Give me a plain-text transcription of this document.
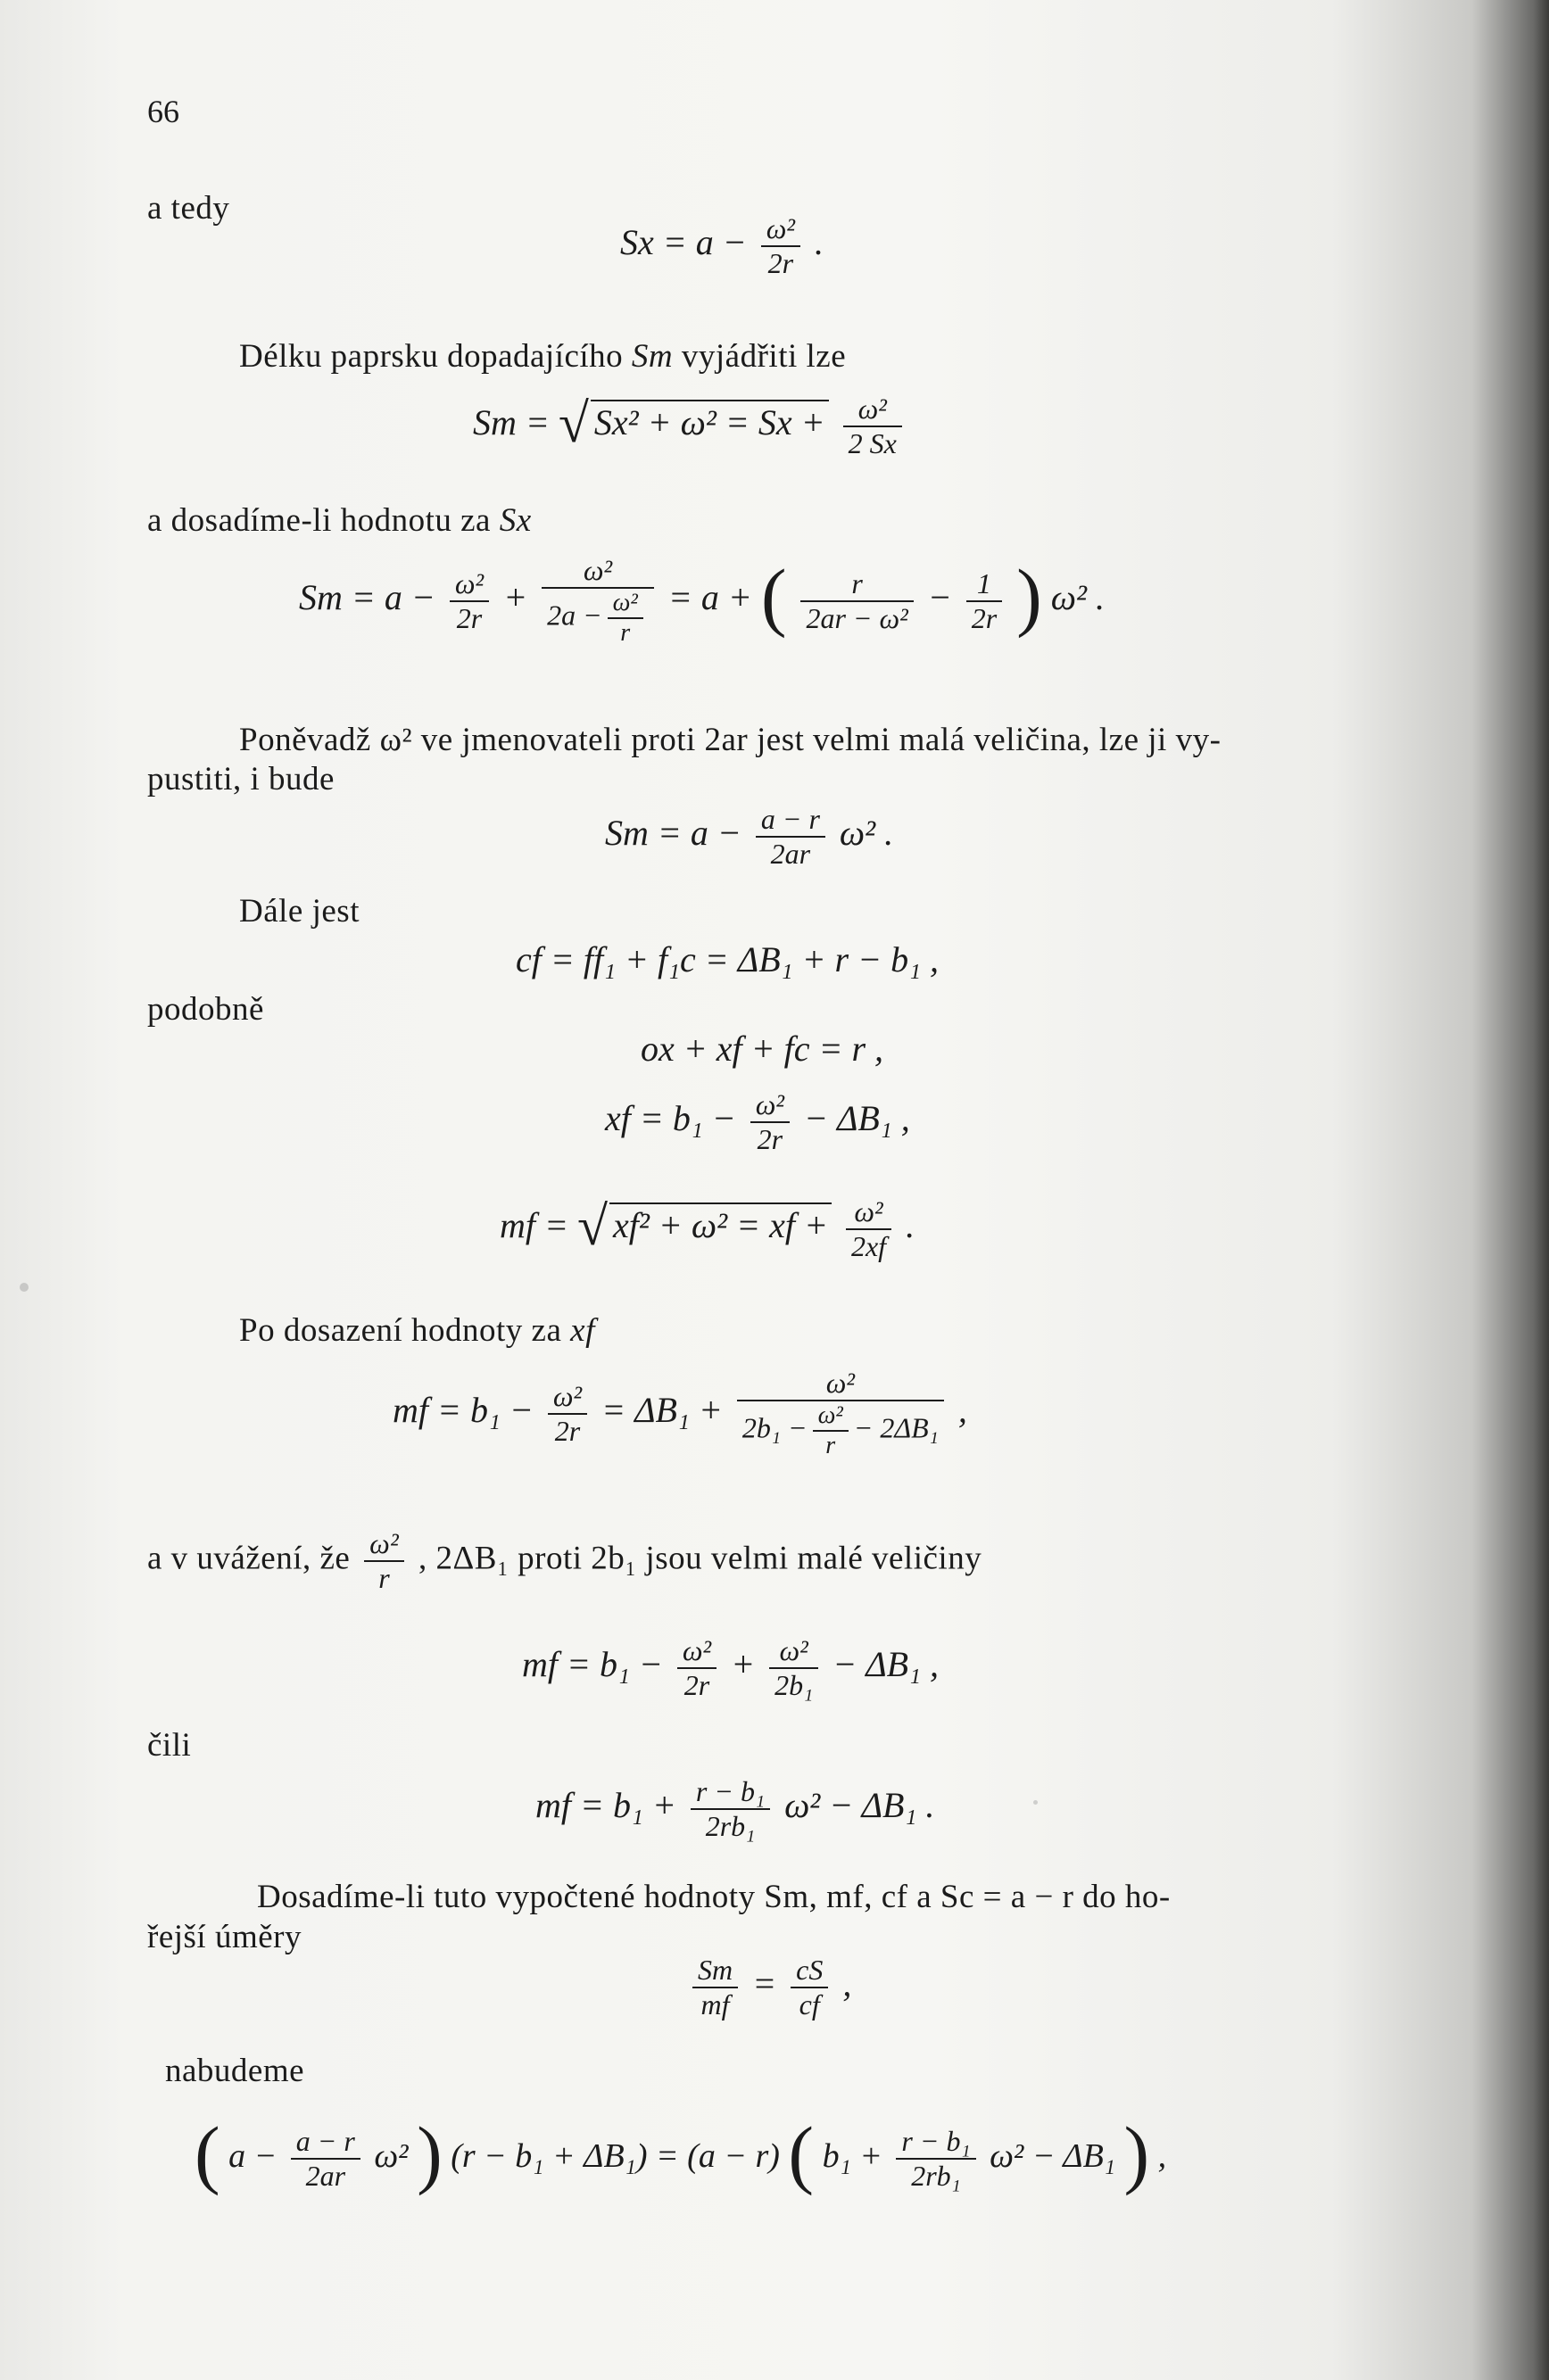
66
a tedy
$Sx = a - \frac{\text{ω²}}{2r}$ .
Délku paprsku dopadajícího Sm vyjádřiti lze
Sm = √ $Sx^2 + \omega^2 = Sx + \frac{\text{ω²}}{2 Sx}$
a dosadíme-li hodnotu za Sx
$Sm = a - \frac{\text{ω²}}{2r} + \frac{\text{ω²}}{2a - \frac{\text{ω²}}{r}} = a$ + ( $\frac{r}{\text{2ar − ω²}} - \frac{1}{2r}$ ) ω² .
Poněvadž ω² ve jmenovateli proti 2ar jest velmi malá veličina, lze ji vy-
pustiti, i bude
$Sm = a - \frac{a - r}{2ar} \omega^2$ .
Dále jest
cf = ff₁ + f₁c = ΔB₁ + r − b₁ ,
podobně
ox + xf + fc = r ,
xf = $b_1 - \frac{\text{ω²}}{2r} - \Delta B_1$ ,
mf = √ xf² + ω² = xf + $\frac{\text{ω²}}{2xf}$ .
Po dosazení hodnoty za xf
mf = $b_1 - \frac{\text{ω²}}{2r} = \Delta B_1 + \frac{\text{ω²}}{2b_1 - \frac{\text{ω²}}{r} - 2\Delta B_1}$ ,
a v uvážení, že $\frac{\text{ω²}}{r}$ , 2ΔB₁ proti 2b₁ jsou velmi malé veličiny
mf = $b_1 - \frac{\text{ω²}}{2r} + \frac{\text{ω²}}{\text{2b₁}} - \Delta B_1$ ,
čili
mf = $b_1 + \frac{\text{r − b₁}}{\text{2rb₁}} \omega^2 - \Delta B_1$ .
Dosadíme-li tuto vypočtené hodnoty Sm, mf, cf a Sc = a − r do ho-
řejší úměry
$\frac{Sm}{mf} = \frac{cS}{cf}$ ,
nabudeme
( $a - \frac{a - r}{2ar} \omega^2$ ) (r − b₁ + ΔB₁) = (a − r) ( $b_1 + \frac{\text{r − b₁}}{\text{2rb₁}} \omega^2 - \Delta B_1$ ) ,
